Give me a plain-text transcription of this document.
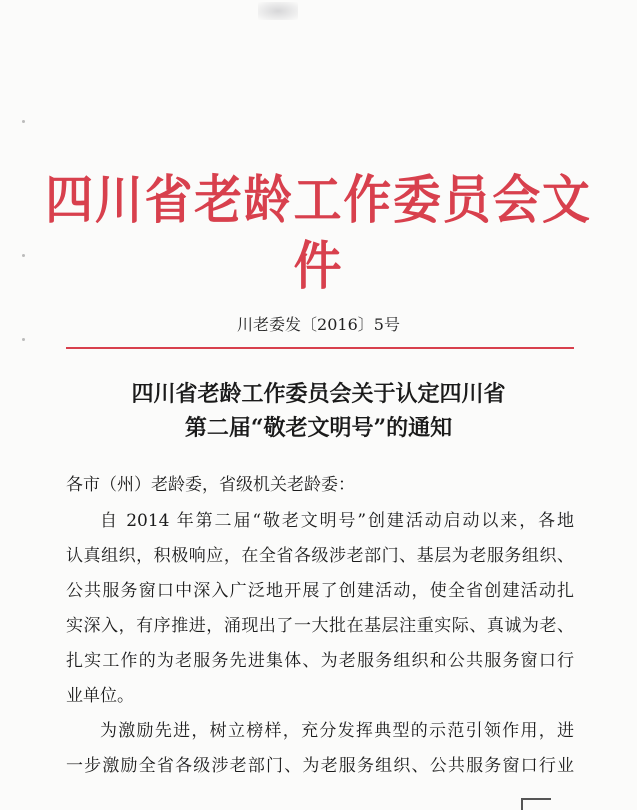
四川省老龄工作委员会文件
川老委发〔2016〕5号
四川省老龄工作委员会关于认定四川省
第二届“敬老文明号”的通知
各市（州）老龄委，省级机关老龄委：
自 2014 年第二届“敬老文明号”创建活动启动以来，各地
认真组织，积极响应，在全省各级涉老部门、基层为老服务组织、
公共服务窗口中深入广泛地开展了创建活动，使全省创建活动扎
实深入，有序推进，涌现出了一大批在基层注重实际、真诚为老、
扎实工作的为老服务先进集体、为老服务组织和公共服务窗口行
业单位。
为激励先进，树立榜样，充分发挥典型的示范引领作用，进
一步激励全省各级涉老部门、为老服务组织、公共服务窗口行业
